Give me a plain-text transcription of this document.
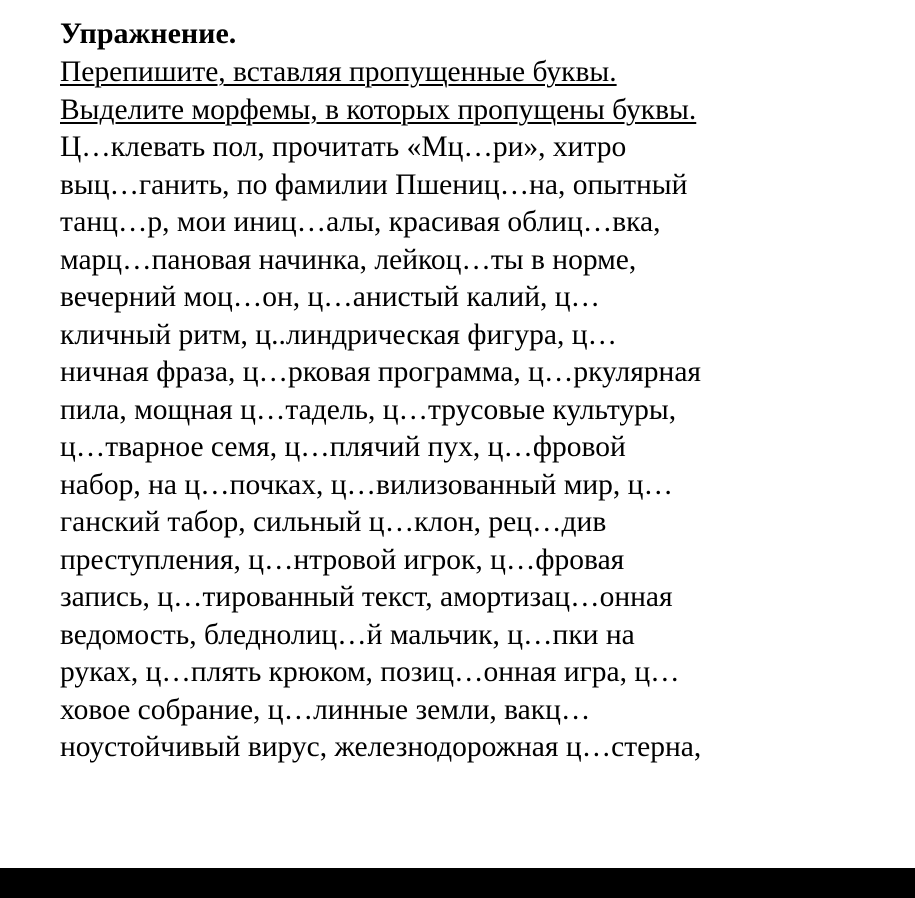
Упражнение.
Перепишите, вставляя пропущенные буквы.
Выделите морфемы, в которых пропущены буквы.
Ц…клевать пол, прочитать «Мц…ри», хитро
выц…ганить, по фамилии Пшениц…на, опытный
танц…р, мои иниц…алы, красивая облиц…вка,
марц…пановая начинка, лейкоц…ты в норме,
вечерний моц…он, ц…анистый калий, ц…
кличный ритм, ц..линдрическая фигура, ц…
ничная фраза, ц…рковая программа, ц…ркулярная
пила, мощная ц…тадель, ц…трусовые культуры,
ц…тварное семя, ц…плячий пух, ц…фровой
набор, на ц…почках, ц…вилизованный мир, ц…
ганский табор, сильный ц…клон, рец…див
преступления, ц…нтровой игрок, ц…фровая
запись, ц…тированный текст, амортизац…онная
ведомость, бледнолиц…й мальчик, ц…пки на
руках, ц…плять крюком, позиц…онная игра, ц…
ховое собрание, ц…линные земли, вакц…
ноустойчивый вирус, железнодорожная ц…стерна,
